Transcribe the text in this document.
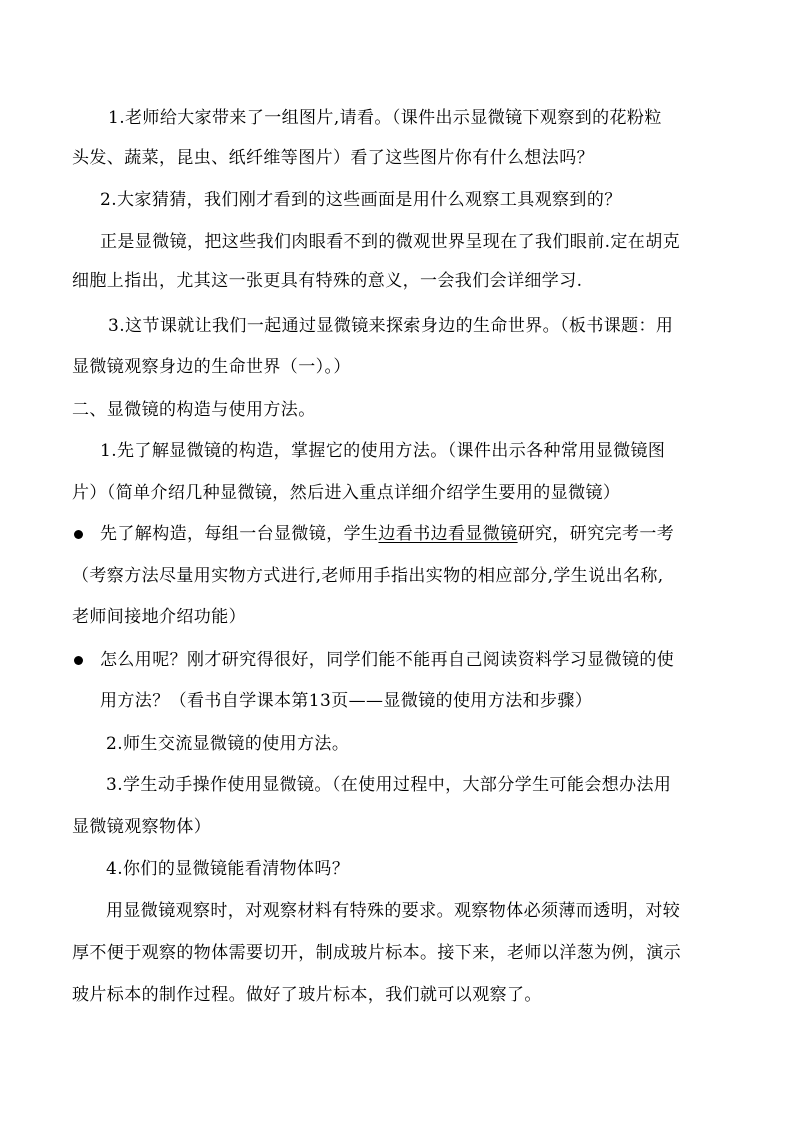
1.老师给大家带来了一组图片,请看。（课件出示显微镜下观察到的花粉粒
头发、蔬菜，昆虫、纸纤维等图片）看了这些图片你有什么想法吗？
2.大家猜猜，我们刚才看到的这些画面是用什么观察工具观察到的？
正是显微镜，把这些我们肉眼看不到的微观世界呈现在了我们眼前.定在胡克
细胞上指出，尤其这一张更具有特殊的意义，一会我们会详细学习.
3.这节课就让我们一起通过显微镜来探索身边的生命世界。（板书课题：用
显微镜观察身边的生命世界（一）。）
二、显微镜的构造与使用方法。
1.先了解显微镜的构造，掌握它的使用方法。（课件出示各种常用显微镜图
片）（简单介绍几种显微镜，然后进入重点详细介绍学生要用的显微镜）
先了解构造，每组一台显微镜，学生边看书边看显微镜研究，研究完考一考
（考察方法尽量用实物方式进行,老师用手指出实物的相应部分,学生说出名称,
老师间接地介绍功能）
怎么用呢？刚才研究得很好，同学们能不能再自己阅读资料学习显微镜的使
用方法？（看书自学课本第13页——显微镜的使用方法和步骤）
2.师生交流显微镜的使用方法。
3.学生动手操作使用显微镜。（在使用过程中，大部分学生可能会想办法用
显微镜观察物体）
4.你们的显微镜能看清物体吗？
用显微镜观察时，对观察材料有特殊的要求。观察物体必须薄而透明，对较
厚不便于观察的物体需要切开，制成玻片标本。接下来，老师以洋葱为例，演示
玻片标本的制作过程。做好了玻片标本，我们就可以观察了。
